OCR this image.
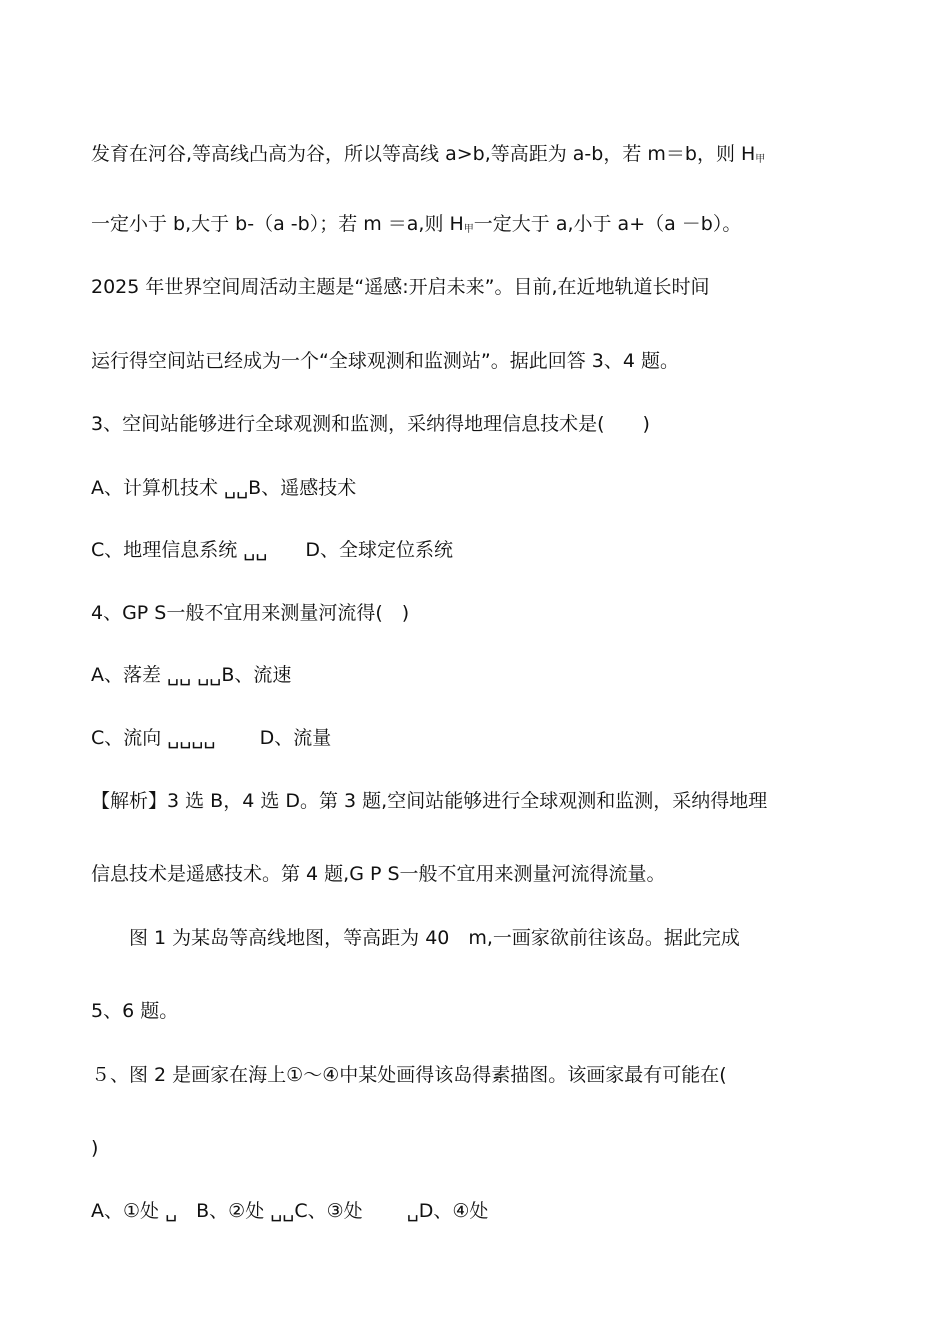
发育在河谷,等高线凸高为谷，所以等高线 a>b,等高距为 a-b，若 m＝b，则 $H_甲$
一定小于 b,大于 b-（a -b）；若 m ＝a,则 $H_甲$一定大于 a,小于 a+（a －b）。
2025 年世界空间周活动主题是“遥感:开启未来”。目前,在近地轨道长时间
运行得空间站已经成为一个“全球观测和监测站”。据此回答 3、4 题。
3、空间站能够进行全球观测和监测，采纳得地理信息技术是(　　)
A、计算机技术 ␣␣B、遥感技术
C、地理信息系统 ␣␣　　D、全球定位系统
4、GP S一般不宜用来测量河流得(　)
A、落差 ␣␣ ␣␣B、流速
C、流向 ␣␣␣␣　　 D、流量
【解析】3 选 B，4 选 D。第 3 题,空间站能够进行全球观测和监测，采纳得地理
信息技术是遥感技术。第 4 题,G P S一般不宜用来测量河流得流量。
　　图 1 为某岛等高线地图，等高距为 40　m,一画家欲前往该岛。据此完成
5、6 题。
５、图 2 是画家在海上①～④中某处画得该岛得素描图。该画家最有可能在(
)
A、①处 ␣　B、②处 ␣␣C、③处　　 ␣D、④处
